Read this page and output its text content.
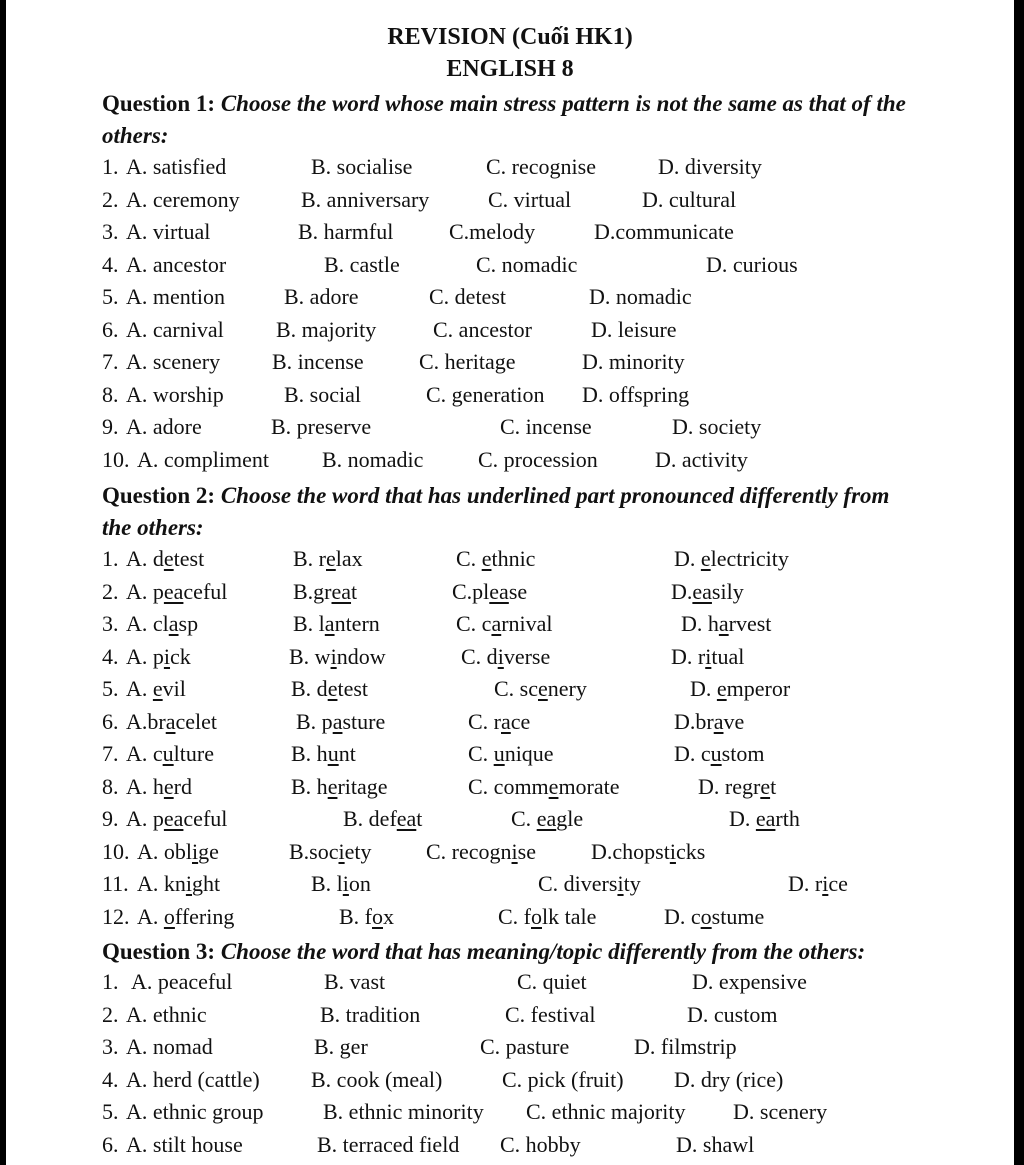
REVISION (Cuối HK1)
ENGLISH 8
Question 1: Choose the word whose main stress pattern is not the same as that of the
others:
1. A. satisfied	B. socialise	C. recognise	D. diversity
2. A. ceremony	B. anniversary	C. virtual	D. cultural
3. A. virtual	B. harmful	C.melody	D.communicate
4. A. ancestor	B. castle	C. nomadic	D. curious
5. A. mention	B. adore	C. detest	D. nomadic
6. A. carnival B. majority	C. ancestor	D. leisure
7. A. scenery B. incense	C. heritage	D. minority
8. A. worship	B. social	C. generation D. offspring
9. A. adore	B. preserve	C. incense	D. society
10. A. compliment B. nomadic C. procession	D. activity
Question 2: Choose the word that has underlined part pronounced differently from
the others:
1. A. detest	B. relax	C. ethnic	D. electricity
2. A. peaceful	B.great	C.please	D.easily
3. A. clasp	B. lantern	C. carnival	D. harvest
4. A. pick	B. window	C. diverse	D. ritual
5. A. evil	B. detest	C. scenery	D. emperor
6. A.bracelet	B. pasture	C. race	D.brave
7. A. culture	B. hunt	C. unique	D. custom
8. A. herd	B. heritage	C. commemorate	D. regret
9. A. peaceful	B. defeat	C. eagle	D. earth
10. A. oblige	B.society C. recognise	D.chopsticks
11. A. knight	B. lion	C. diversity	D. rice
12. A. offering	B. fox	C. folk tale	D. costume
Question 3: Choose the word that has meaning/topic differently from the others:
1. A. peaceful	B. vast	C. quiet	D. expensive
2. A. ethnic	B. tradition	C. festival	D. custom
3. A. nomad	B. ger	C. pasture	D. filmstrip
4. A. herd (cattle) B. cook (meal)	C. pick (fruit) D. dry (rice)
5. A. ethnic group	B. ethnic minority C. ethnic majority D. scenery
6. A. stilt house	B. terraced field C. hobby	D. shawl
